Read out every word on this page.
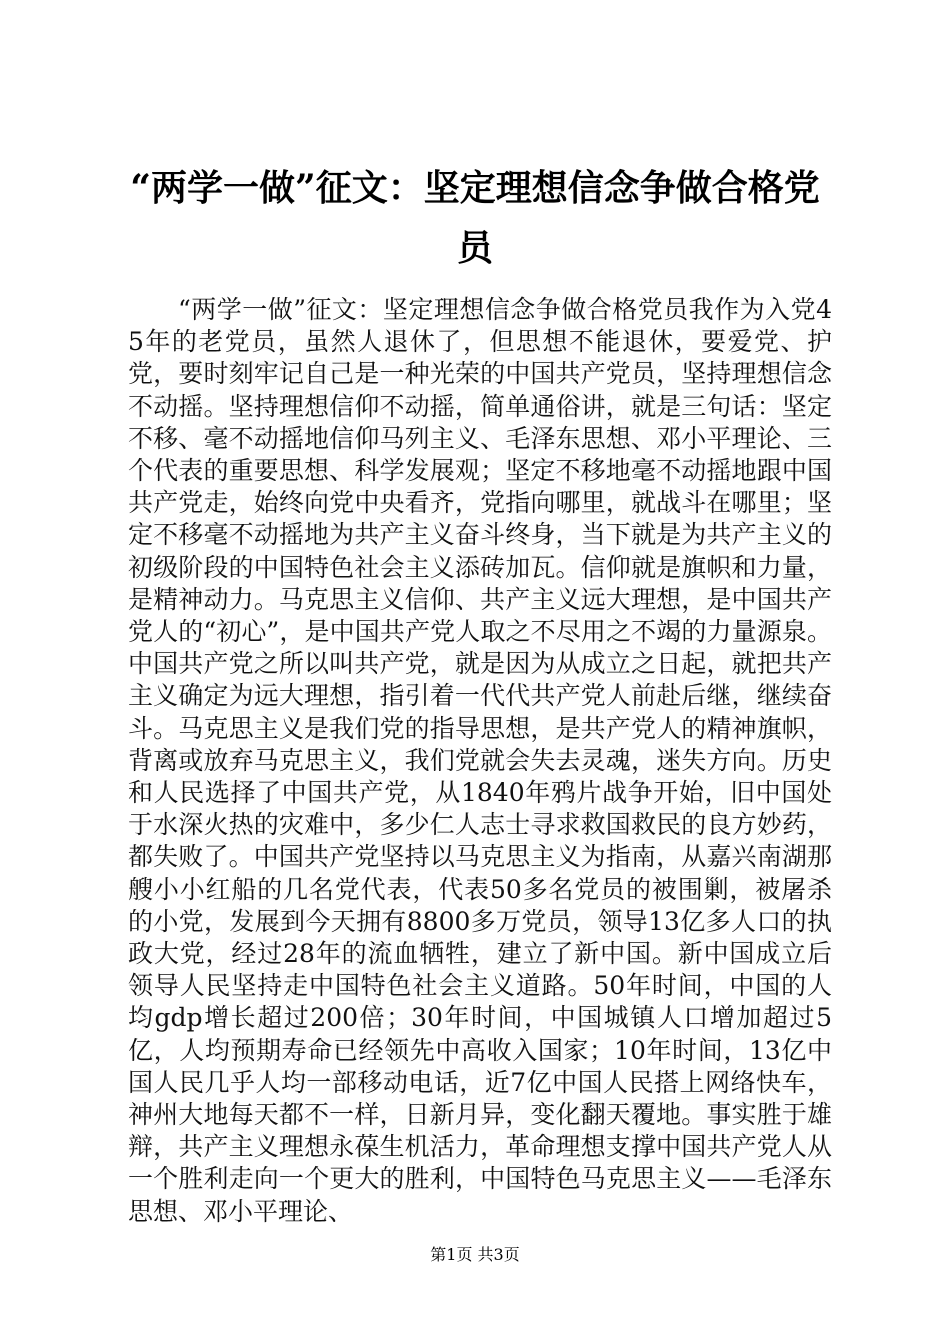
“两学一做”征文：坚定理想信念争做合格党员

“两学一做”征文：坚定理想信念争做合格党员我作为入党45年的老党员，虽然人退休了，但思想不能退休，要爱党、护党，要时刻牢记自己是一种光荣的中国共产党员，坚持理想信念不动摇。坚持理想信仰不动摇，简单通俗讲，就是三句话：坚定不移、毫不动摇地信仰马列主义、毛泽东思想、邓小平理论、三个代表的重要思想、科学发展观；坚定不移地毫不动摇地跟中国共产党走，始终向党中央看齐，党指向哪里，就战斗在哪里；坚定不移毫不动摇地为共产主义奋斗终身，当下就是为共产主义的初级阶段的中国特色社会主义添砖加瓦。信仰就是旗帜和力量，是精神动力。马克思主义信仰、共产主义远大理想，是中国共产党人的“初心”，是中国共产党人取之不尽用之不竭的力量源泉。中国共产党之所以叫共产党，就是因为从成立之日起，就把共产主义确定为远大理想，指引着一代代共产党人前赴后继，继续奋斗。马克思主义是我们党的指导思想，是共产党人的精神旗帜，背离或放弃马克思主义，我们党就会失去灵魂，迷失方向。历史和人民选择了中国共产党，从1840年鸦片战争开始，旧中国处于水深火热的灾难中，多少仁人志士寻求救国救民的良方妙药，都失败了。中国共产党坚持以马克思主义为指南，从嘉兴南湖那艘小小红船的几名党代表，代表50多名党员的被围剿，被屠杀的小党，发展到今天拥有8800多万党员，领导13亿多人口的执政大党，经过28年的流血牺牲，建立了新中国。新中国成立后领导人民坚持走中国特色社会主义道路。50年时间，中国的人均gdp增长超过200倍；30年时间，中国城镇人口增加超过5亿，人均预期寿命已经领先中高收入国家；10年时间，13亿中国人民几乎人均一部移动电话，近7亿中国人民搭上网络快车，神州大地每天都不一样，日新月异，变化翻天覆地。事实胜于雄辩，共产主义理想永葆生机活力，革命理想支撑中国共产党人从一个胜利走向一个更大的胜利，中国特色马克思主义——毛泽东思想、邓小平理论、

第1页 共3页
